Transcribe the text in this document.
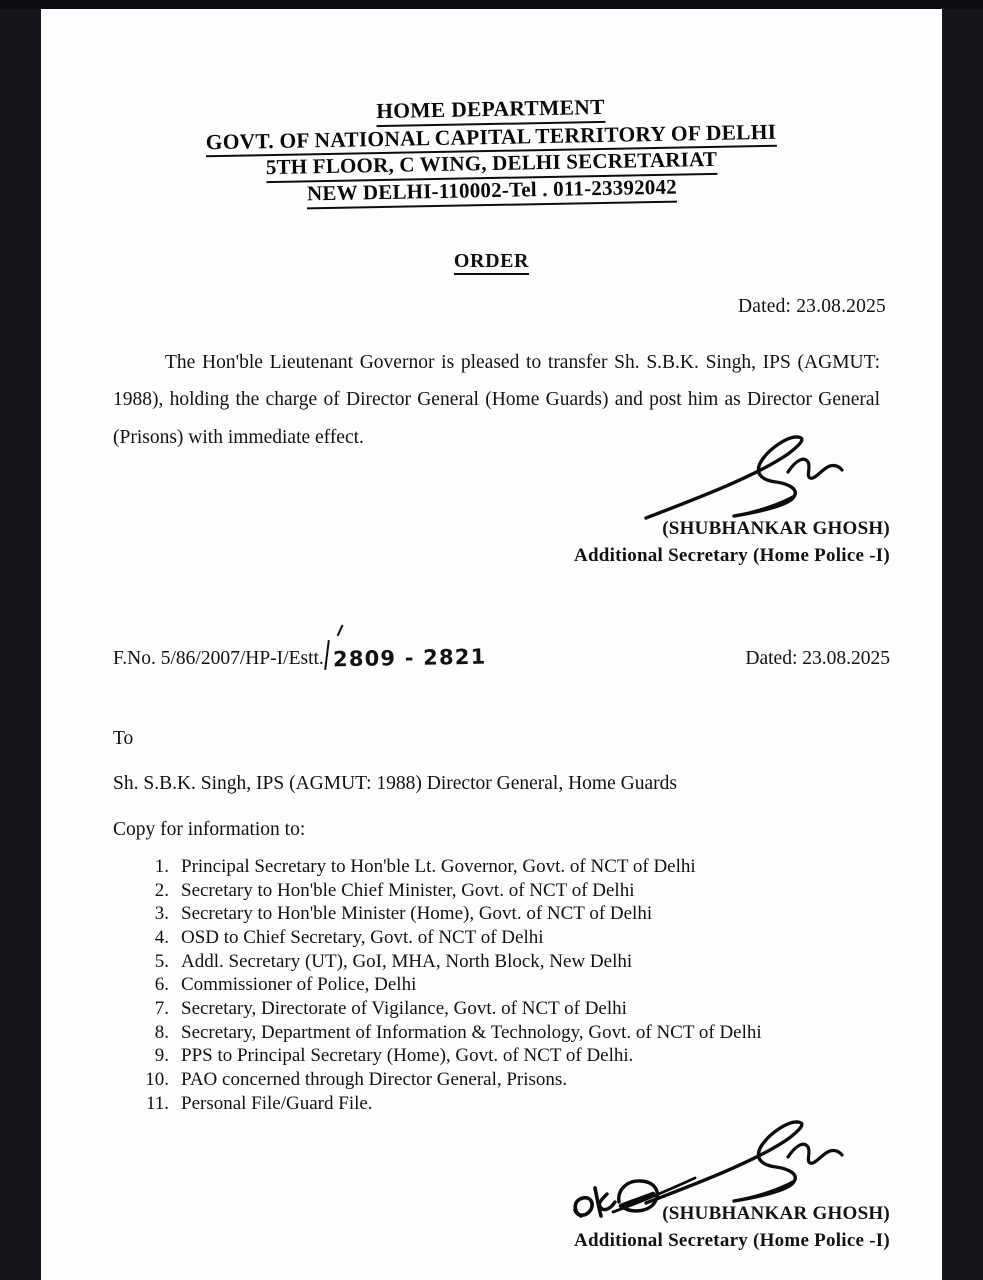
HOME DEPARTMENT
GOVT. OF NATIONAL CAPITAL TERRITORY OF DELHI
5TH FLOOR, C WING, DELHI SECRETARIAT
NEW DELHI-110002-Tel . 011-23392042
ORDER
Dated: 23.08.2025
The Hon'ble Lieutenant Governor is pleased to transfer Sh. S.B.K. Singh, IPS (AGMUT: 1988), holding the charge of Director General (Home Guards) and post him as Director General (Prisons) with immediate effect.
(SHUBHANKAR GHOSH)
Additional Secretary (Home Police -I)
F.No. 5/86/2007/HP-I/Estt. 2809 - 2821	Dated: 23.08.2025
To
Sh. S.B.K. Singh, IPS (AGMUT: 1988) Director General, Home Guards
Copy for information to:
Principal Secretary to Hon'ble Lt. Governor, Govt. of NCT of Delhi
Secretary to Hon'ble Chief Minister, Govt. of NCT of Delhi
Secretary to Hon'ble Minister (Home), Govt. of NCT of Delhi
OSD to Chief Secretary, Govt. of NCT of Delhi
Addl. Secretary (UT), GoI, MHA, North Block, New Delhi
Commissioner of Police, Delhi
Secretary, Directorate of Vigilance, Govt. of NCT of Delhi
Secretary, Department of Information & Technology, Govt. of NCT of Delhi
PPS to Principal Secretary (Home), Govt. of NCT of Delhi.
PAO concerned through Director General, Prisons.
Personal File/Guard File.
(SHUBHANKAR GHOSH)
Additional Secretary (Home Police -I)
